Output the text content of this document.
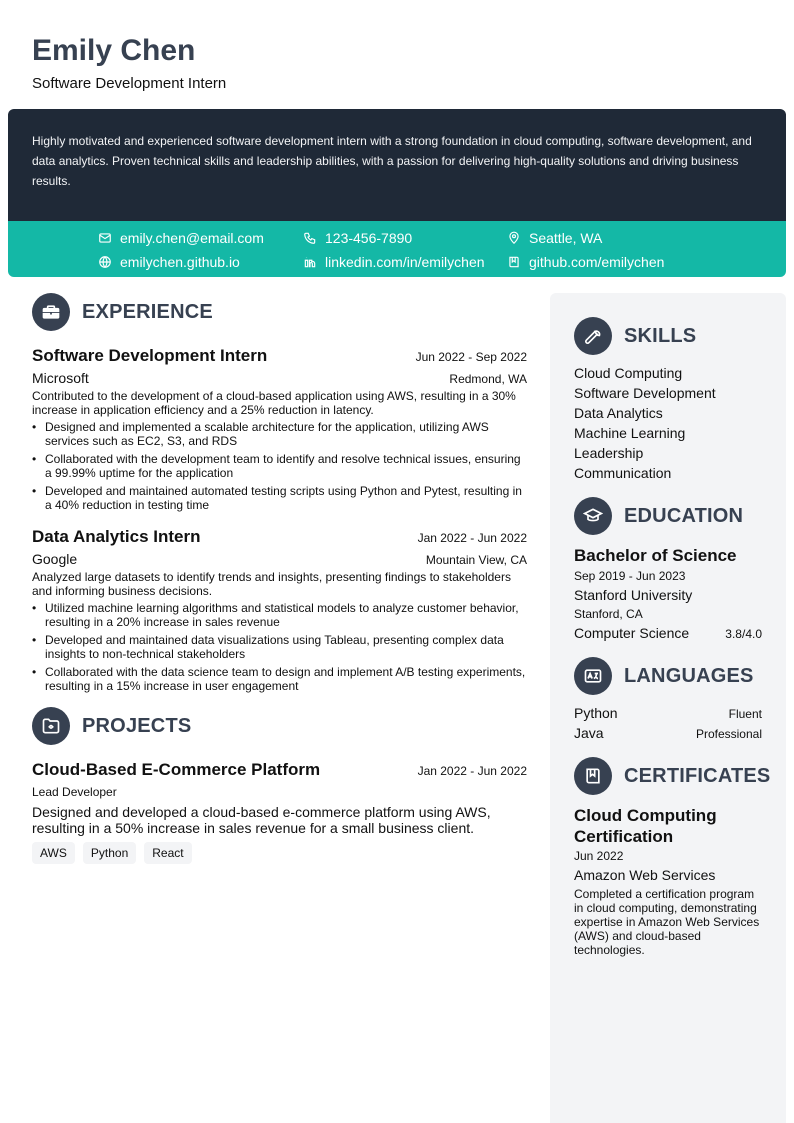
Emily Chen
Software Development Intern

Highly motivated and experienced software development intern with a strong foundation in cloud computing, software development, and data analytics. Proven technical skills and leadership abilities, with a passion for delivering high-quality solutions and driving business results.

emily.chen@email.com	123-456-7890	Seattle, WA
emilychen.github.io	linkedin.com/in/emilychen	github.com/emilychen
EXPERIENCE
Software Development Intern	Jun 2022 - Sep 2022
Microsoft	Redmond, WA

Contributed to the development of a cloud-based application using AWS, resulting in a 30% increase in application efficiency and a 25% reduction in latency.

• Designed and implemented a scalable architecture for the application, utilizing AWS services such as EC2, S3, and RDS
• Collaborated with the development team to identify and resolve technical issues, ensuring a 99.99% uptime for the application
• Developed and maintained automated testing scripts using Python and Pytest, resulting in a 40% reduction in testing time
Data Analytics Intern	Jan 2022 - Jun 2022
Google	Mountain View, CA

Analyzed large datasets to identify trends and insights, presenting findings to stakeholders and informing business decisions.

• Utilized machine learning algorithms and statistical models to analyze customer behavior, resulting in a 20% increase in sales revenue
• Developed and maintained data visualizations using Tableau, presenting complex data insights to non-technical stakeholders
• Collaborated with the data science team to design and implement A/B testing experiments, resulting in a 15% increase in user engagement
PROJECTS
Cloud-Based E-Commerce Platform	Jan 2022 - Jun 2022
Lead Developer

Designed and developed a cloud-based e-commerce platform using AWS, resulting in a 50% increase in sales revenue for a small business client.

AWS	Python	React
SKILLS
Cloud Computing
Software Development
Data Analytics
Machine Learning
Leadership
Communication
EDUCATION
Bachelor of Science
Sep 2019 - Jun 2023
Stanford University
Stanford, CA
Computer Science	3.8/4.0
LANGUAGES
Python	Fluent
Java	Professional
CERTIFICATES
Cloud Computing Certification
Jun 2022
Amazon Web Services

Completed a certification program in cloud computing, demonstrating expertise in Amazon Web Services (AWS) and cloud-based technologies.
